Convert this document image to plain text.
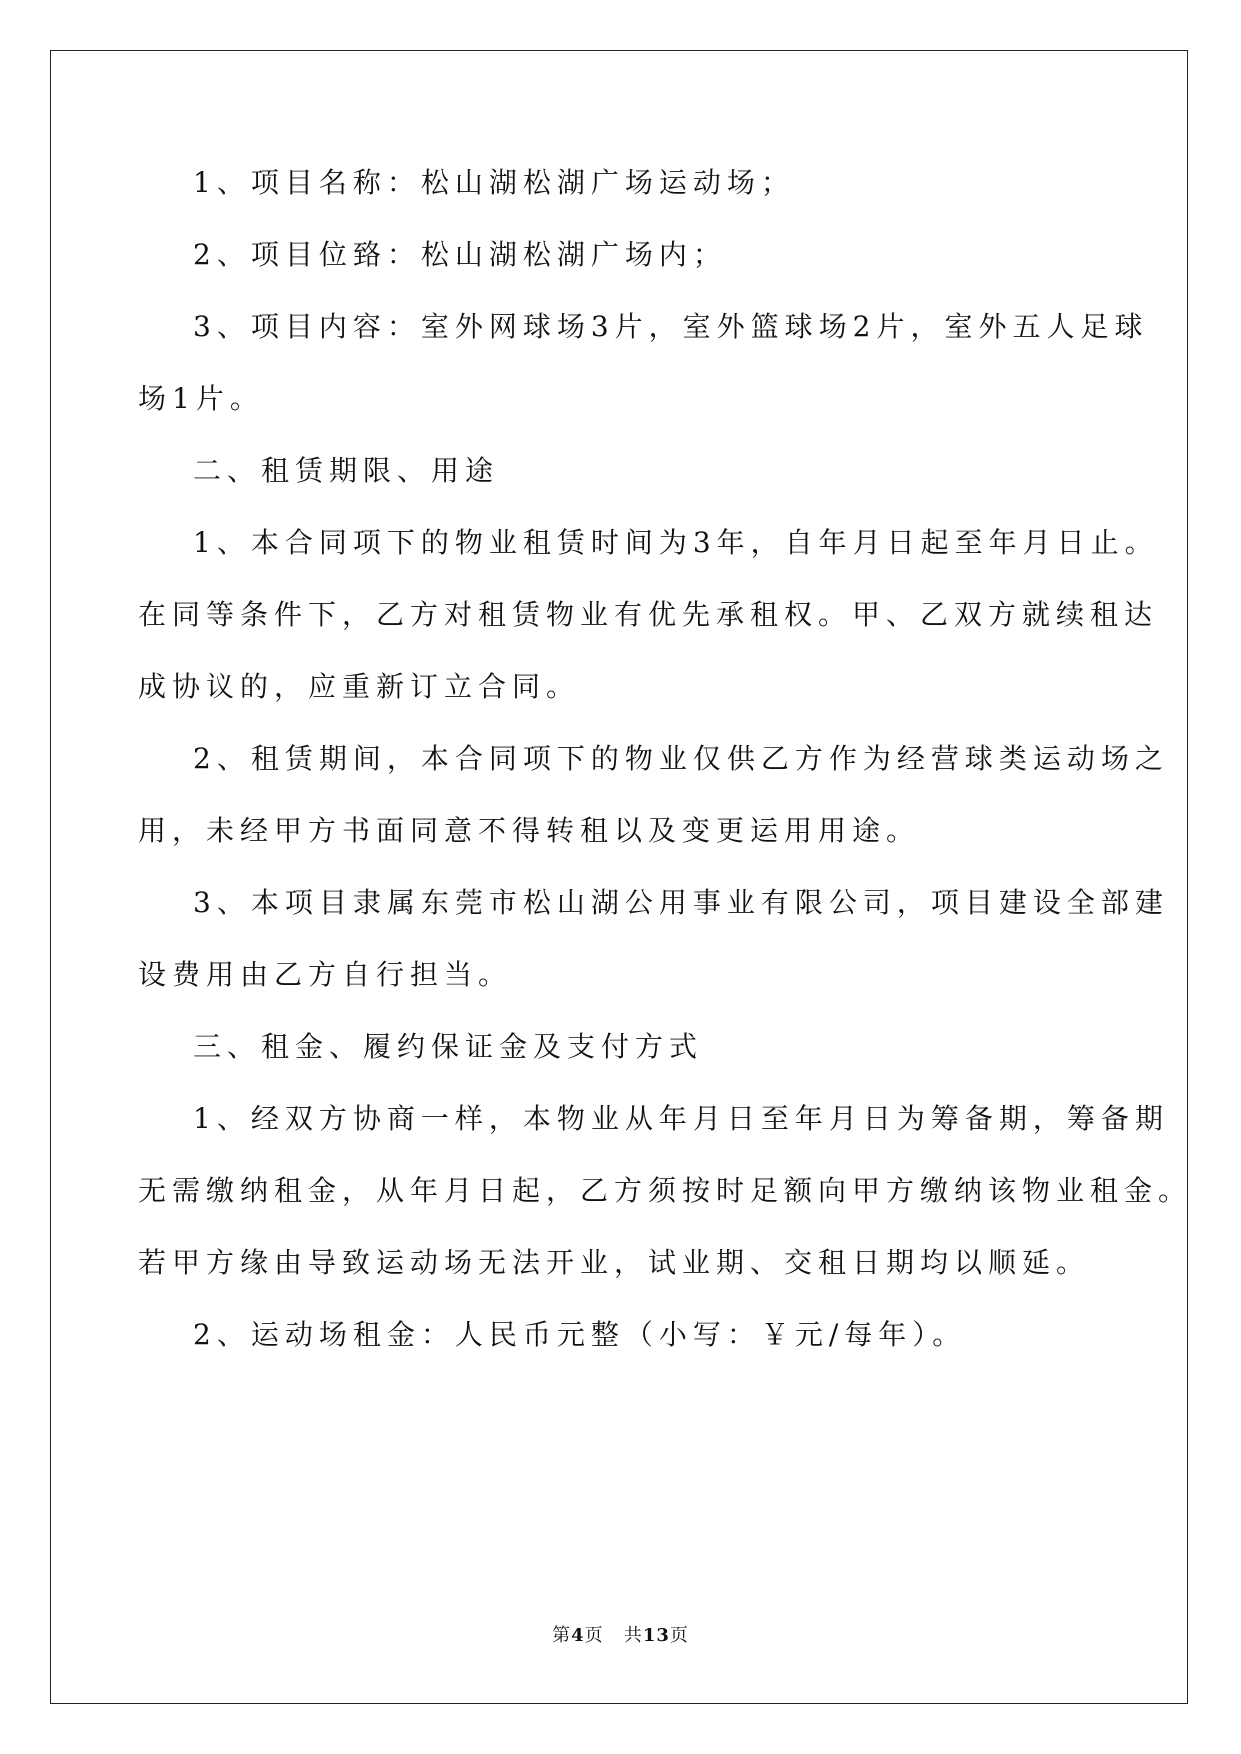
1、项目名称：松山湖松湖广场运动场；
2、项目位臵：松山湖松湖广场内；
3、项目内容：室外网球场3片，室外篮球场2片，室外五人足球
场1片。
二、租赁期限、用途
1、本合同项下的物业租赁时间为3年，自年月日起至年月日止。
在同等条件下，乙方对租赁物业有优先承租权。甲、乙双方就续租达
成协议的，应重新订立合同。
2、租赁期间，本合同项下的物业仅供乙方作为经营球类运动场之
用，未经甲方书面同意不得转租以及变更运用用途。
3、本项目隶属东莞市松山湖公用事业有限公司，项目建设全部建
设费用由乙方自行担当。
三、租金、履约保证金及支付方式
1、经双方协商一样，本物业从年月日至年月日为筹备期，筹备期
无需缴纳租金，从年月日起，乙方须按时足额向甲方缴纳该物业租金。
若甲方缘由导致运动场无法开业，试业期、交租日期均以顺延。
2、运动场租金：人民币元整（小写：￥元/每年）。
第4页 共13页
